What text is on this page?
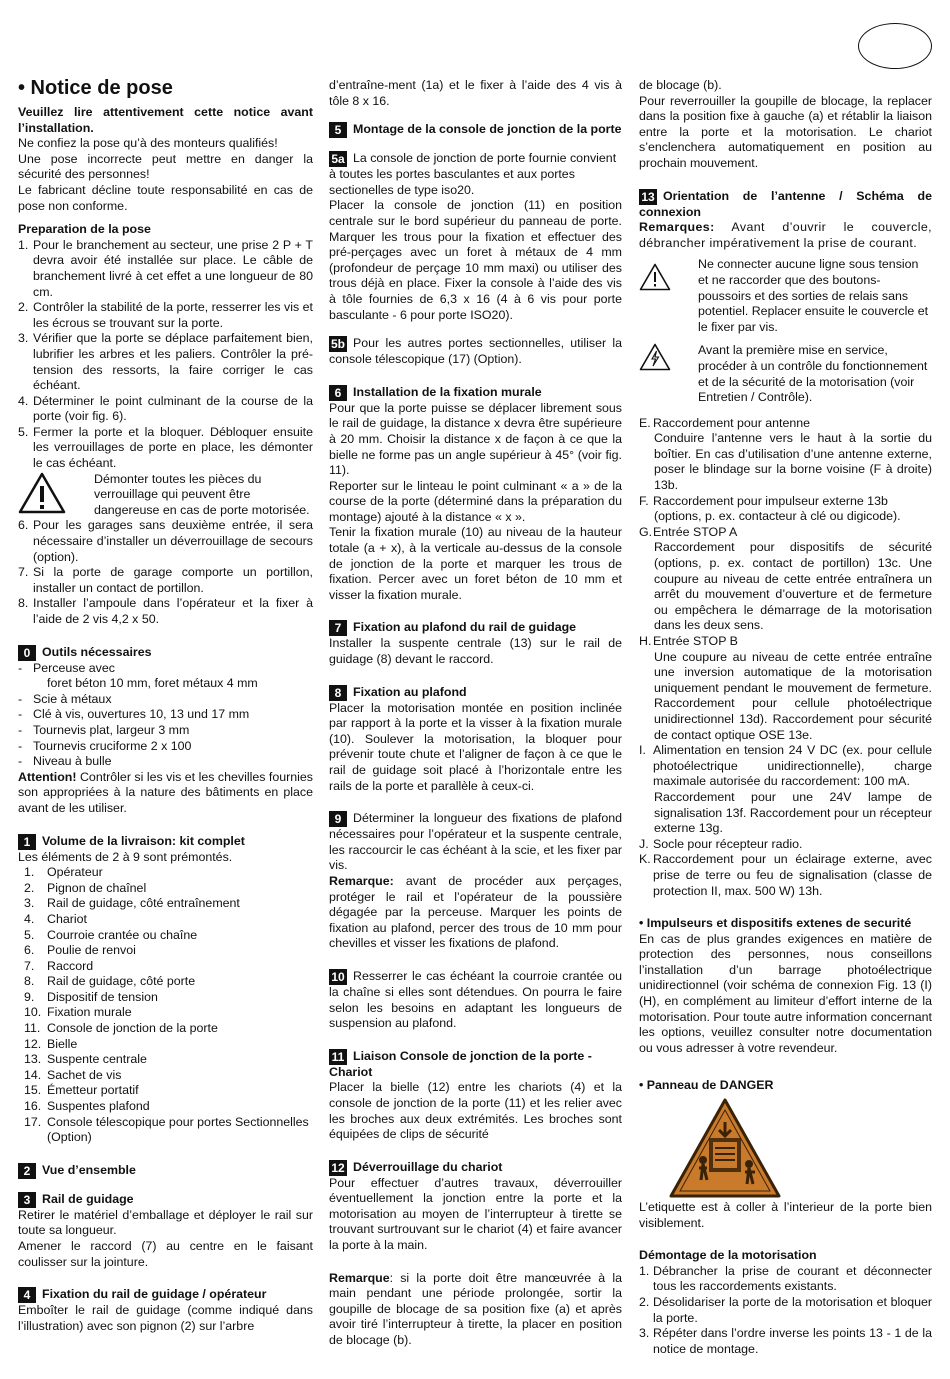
• Notice de pose

Veuillez lire attentivement cette notice avant l’installation.

Ne confiez la pose qu’à des monteurs qualifiés!

Une pose incorrecte peut mettre en danger la sécurité des personnes!

Le fabricant décline toute responsabilité en cas de pose non conforme.

Preparation de la pose

1. Pour le branchement au secteur, une prise 2 P + T devra avoir été installée sur place. Le câble de branchement livré à cet effet a une longueur de 80 cm.
2. Contrôler la stabilité de la porte, resserrer les vis et les écrous se trouvant sur la porte.
3. Vérifier que la porte se déplace parfaitement bien, lubrifier les arbres et les paliers. Contrôler la pré-tension des ressorts, la faire corriger le cas échéant.
4. Déterminer le point culminant de la course de la porte (voir fig. 6).
5. Fermer la porte et la bloquer. Débloquer ensuite les verrouillages de porte en place, les démonter le cas échéant.
Démonter toutes les pièces du verrouillage qui peuvent être dangereuse en cas de porte motorisée.
6. Pour les garages sans deuxième entrée, il sera nécessaire d’installer un déverrouillage de secours (option).
7. Si la porte de garage comporte un portillon, installer un contact de portillon.
8. Installer l’ampoule dans l’opérateur et la fixer à l’aide de 2 vis 4,2 x 50.
0 Outils nécessaires
- Perceuse avec
foret béton 10 mm, foret métaux 4 mm
- Scie à métaux
- Clé à vis, ouvertures 10, 13 und 17 mm
- Tournevis plat, largeur 3 mm
- Tournevis cruciforme 2 x 100
- Niveau à bulle

Attention! Contrôler si les vis et les chevilles fournies son appropriées à la nature des bâtiments en place avant de les utiliser.

1 Volume de la livraison: kit complet

Les éléments de 2 à 9 sont prémontés.

1.	Opérateur
2.	Pignon de chaînel
3.	Rail de guidage, côté entraînement
4.	Chariot
5.	Courroie crantée ou chaîne
6.	Poulie de renvoi
7.	Raccord
8.	Rail de guidage, côté porte
9.	Dispositif de tension
10. Fixation murale
11. Console de jonction de la porte
12. Bielle
13. Suspente centrale
14. Sachet de vis
15. Émetteur portatif
16. Suspentes plafond
17. Console télescopique pour portes Sectionnelles (Option)
2 Vue d’ensemble
3 Rail de guidage

Retirer le matériel d’emballage et déployer le rail sur toute sa longueur.

Amener le raccord (7) au centre en le faisant coulisser sur la jointure.

4 Fixation du rail de guidage / opérateur

Emboîter le rail de guidage (comme indiqué dans l’illustration) avec son pignon (2) sur l’arbre

d’entraîne-ment (1a) et le fixer à l’aide des 4 vis à tôle 8 x 16.

5 Montage de la console de jonction de la porte
5a La console de jonction de porte fournie convient à toutes les portes basculantes et aux portes sectionelles de type iso20.

Placer la console de jonction (11) en position centrale sur le bord supérieur du panneau de porte. Marquer les trous pour la fixation et effectuer des pré-perçages avec un foret à métaux de 4 mm (profondeur de perçage 10 mm maxi) ou utiliser des trous déjà en place. Fixer la console à l’aide des vis à tôle fournies de 6,3 x 16 (4 à 6 vis pour porte basculante - 6 pour porte ISO20).

5b Pour les autres portes sectionnelles, utiliser la console télescopique (17) (Option).
6 Installation de la fixation murale

Pour que la porte puisse se déplacer librement sous le rail de guidage, la distance x devra être supérieure à 20 mm. Choisir la distance x de façon à ce que la bielle ne forme pas un angle supérieur à 45° (voir fig. 11).

Reporter sur le linteau le point culminant « a » de la course de la porte (déterminé dans la préparation du montage) ajouté à la distance « x ».

Tenir la fixation murale (10) au niveau de la hauteur totale (a + x), à la verticale au-dessus de la console de jonction de la porte et marquer les trous de fixation. Percer avec un foret béton de 10 mm et visser la fixation murale.

7 Fixation au plafond du rail de guidage

Installer la suspente centrale (13) sur le rail de guidage (8) devant le raccord.

8 Fixation au plafond

Placer la motorisation montée en position inclinée par rapport à la porte et la visser à la fixation murale (10). Soulever la motorisation, la bloquer pour prévenir toute chute et l’aligner de façon à ce que le rail de guidage soit placé à l’horizontale entre les rails de la porte et parallèle à ceux-ci.

9 Déterminer la longueur des fixations de plafond nécessaires pour l’opérateur et la suspente centrale, les raccourcir le cas échéant à la scie, et les fixer par vis.

Remarque: avant de procéder aux perçages, protéger le rail et l’opérateur de la poussière dégagée par la perceuse. Marquer les points de fixation au plafond, percer des trous de 10 mm pour chevilles et visser les fixations de plafond.

10 Resserrer le cas échéant la courroie crantée ou la chaîne si elles sont détendues. On pourra le faire selon les besoins en adaptant les longueurs de suspension au plafond.
11 Liaison Console de jonction de la porte - Chariot

Placer la bielle (12) entre les chariots (4) et la console de jonction de la porte (11) et les relier avec les broches aux deux extrémités. Les broches sont équipées de clips de sécurité

12 Déverrouillage du chariot

Pour effectuer d’autres travaux, déverrouiller éventuellement la jonction entre la porte et la motorisation au moyen de l’interrupteur à tirette se trouvant surtrouvant sur le chariot (4) et faire avancer la porte à la main.

Remarque: si la porte doit être manœuvrée à la main pendant une période prolongée, sortir la goupille de blocage de sa position fixe (a) et après avoir tiré l’interrupteur à tirette, la placer en position de blocage (b).

de blocage (b).

Pour reverrouiller la goupille de blocage, la replacer dans la position fixe à gauche (a) et rétablir la liaison entre la porte et la motorisation. Le chariot s’enclenchera automatiquement en position au prochain mouvement.

13 Orientation de l’antenne / Schéma de connexion

Remarques: Avant d’ouvrir le couvercle, débrancher impérativement la prise de courant.

Ne connecter aucune ligne sous tension et ne raccorder que des boutons-poussoirs et des sorties de relais sans potentiel. Replacer ensuite le couvercle et le fixer par vis.
Avant la première mise en service, procéder à un contrôle du fonctionnement et de la sécurité de la motorisation (voir Entretien / Contrôle).
E. Raccordement pour antenne
Conduire l’antenne vers le haut à la sortie du boîtier. En cas d’utilisation d’une antenne externe, poser le blindage sur la borne voisine (F à droite) 13b.
F. Raccordement pour impulseur externe 13b
(options, p. ex. contacteur à clé ou digicode).
G. Entrée STOP A
Raccordement pour dispositifs de sécurité (options, p. ex. contact de portillon) 13c. Une coupure au niveau de cette entrée entraînera un arrêt du mouvement d’ouverture et de fermeture ou empêchera le démarrage de la motorisation dans les deux sens.
H. Entrée STOP B
Une coupure au niveau de cette entrée entraîne une inversion automatique de la motorisation uniquement pendant le mouvement de fermeture. Raccordement pour cellule photoélectrique unidirectionnel 13d). Raccordement pour sécurité de contact optique OSE 13e.
I. Alimentation en tension 24 V DC (ex. pour cellule photoélectrique unidirectionnelle), charge maximale autorisée du raccordement: 100 mA.
Raccordement pour une 24V lampe de signalisation 13f. Raccordement pour un récepteur externe 13g.
J. Socle pour récepteur radio.
K. Raccordement pour un éclairage externe, avec prise de terre ou feu de signalisation (classe de protection II, max. 500 W) 13h.

• Impulseurs et dispositifs extenes de securité

En cas de plus grandes exigences en matière de protection des personnes, nous conseillons l’installation d’un barrage photoélectrique unidirectionnel (voir schéma de connexion Fig. 13 (I) (H), en complément au limiteur d’effort interne de la motorisation. Pour toute autre information concernant les options, veuillez consulter notre documentation ou vous adresser à votre revendeur.

• Panneau de DANGER

L’etiquette est à coller à l’interieur de la porte bien visiblement.

Démontage de la motorisation

1. Débrancher la prise de courant et déconnecter tous les raccordements existants.
2. Désolidariser la porte de la motorisation et bloquer la porte.
3. Répéter dans l’ordre inverse les points 13 - 1 de la notice de montage.
